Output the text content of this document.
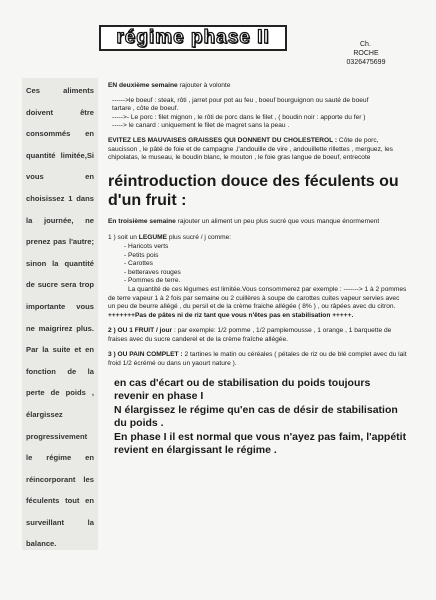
régime phase II	Ch.
ROCHE
0326475699
Ces aliments doivent être consommés en quantité limitée,Si vous en choisissez 1 dans la journée, ne prenez pas l'autre; sinon la quantité de sucre sera trop importante vous ne maigrirez plus. Par la suite et en fonction de la perte de poids , élargissez progressivement le régime en réincorporant les féculents tout en surveillant la balance.

EN deuxième semaine rajouter à volonte

------>le boeuf : steak, rôti , jarret pour pot au feu , boeuf bourguignon ou sauté de boeuf

tartare , côte de boeuf.

----->- Le porc : filet mignon , le rôti de porc dans le filet , ( boudin noir : apporte du fer )

-----> le canard : uniquement le filet de magret sans la peau .

EVITEZ LES MAUVAISES GRAISSES QUI DONNENT DU CHOLESTEROL : Côte de porc, saucisson , le pâté de foie et de campagne ,l'andouille de vire , andouillette rillettes , merguez, les chipolatas, le museau, le boudin blanc, le mouton , le foie gras langue de boeuf, entrecote

réintroduction douce des féculents ou d'un fruit :

En troisième semaine rajouter un aliment un peu plus sucré que vous manque énormement

1 ) soit un LEGUME plus sucré / j comme:

- Haricots verts

- Petits pois

- Carottes

- betteraves rouges

- Pommes de terre.

La quantité de ces légumes est limitée.Vous consommerez par exemple : -------> 1 à 2 pommes de terre vapeur 1 à 2 fois par semaine ou 2 cuillères à soupe de carottes cuites vapeur servies avec un peu de beurre allégé , du persil et de la crème fraiche allégée ( 8% ) , ou râpées avec du citron.

+++++++Pas de pâtes ni de riz tant que vous n'êtes pas en stabilisation +++++.

2 ) OU 1 FRUIT / jour : par exemple: 1/2 pomme , 1/2 pamplemousse , 1 orange , 1 barquette de fraises avec du sucre canderel et de la crème fraîche allégée.

3 ) OU PAIN COMPLET : 2 tartines le matin ou céréales ( pétales de riz ou de blé complet avec du lait froid 1/2 écrémé ou dans un yaourt nature ).

en cas d'écart ou de stabilisation du poids toujours revenir en phase I
N élargissez le régime qu'en cas de désir de stabilisation du poids .
En phase I il est normal que vous n'ayez pas faim, l'appétit revient en élargissant le régime .
